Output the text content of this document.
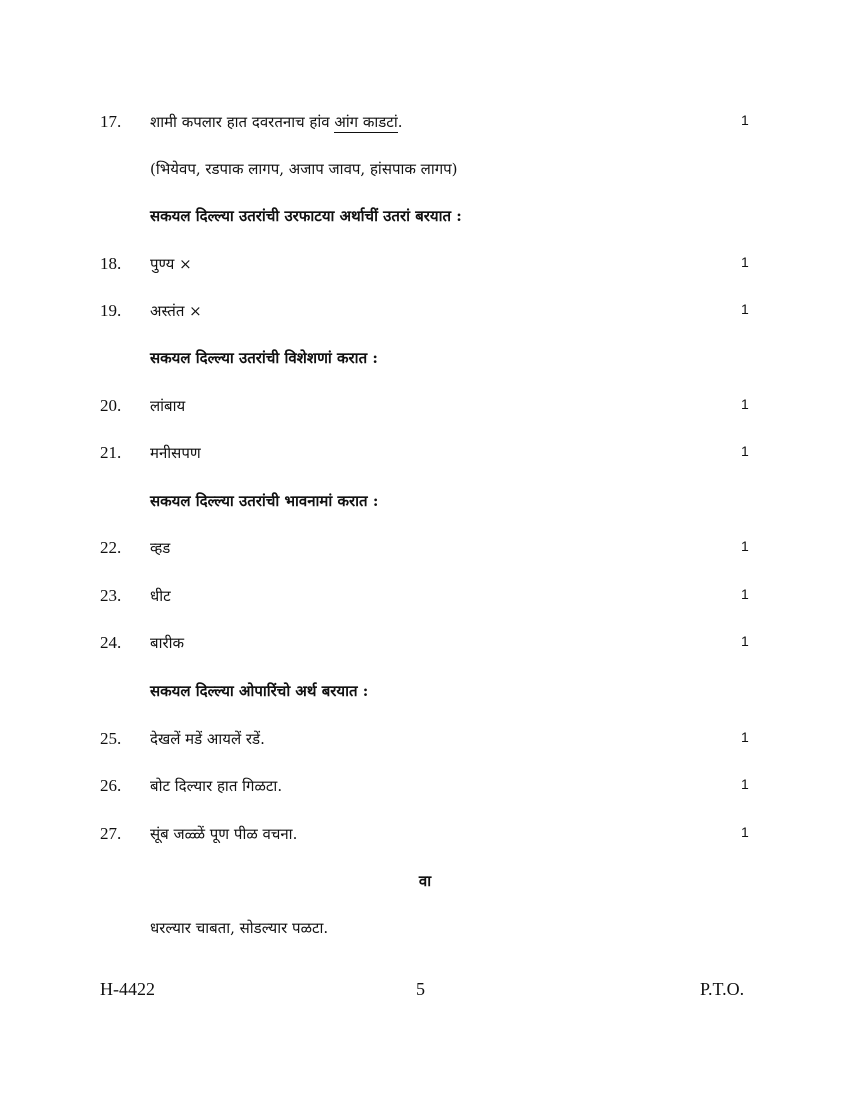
17. शामी कपलार हात दवरतनाच हांव आंग काडटां.	1
(भियेवप, रडपाक लागप, अजाप जावप, हांसपाक लागप)
सकयल दिल्ल्या उतरांची उरफाटया अर्थाचीं उतरां बरयात :
18. पुण्य ×	1
19. अस्तंत ×	1
सकयल दिल्ल्या उतरांची विशेशणां करात :
20. लांबाय	1
21. मनीसपण	1
सकयल दिल्ल्या उतरांची भावनामां करात :
22. व्हड	1
23. धीट	1
24. बारीक	1
सकयल दिल्ल्या ओपारिंचो अर्थ बरयात :
25. देखलें मडें आयलें रडें.	1
26. बोट दिल्यार हात गिळटा.	1
27. सूंब जळ्ळें पूण पीळ वचना.	1
वा
धरल्यार चाबता, सोडल्यार पळटा.
H-4422	5	P.T.O.
